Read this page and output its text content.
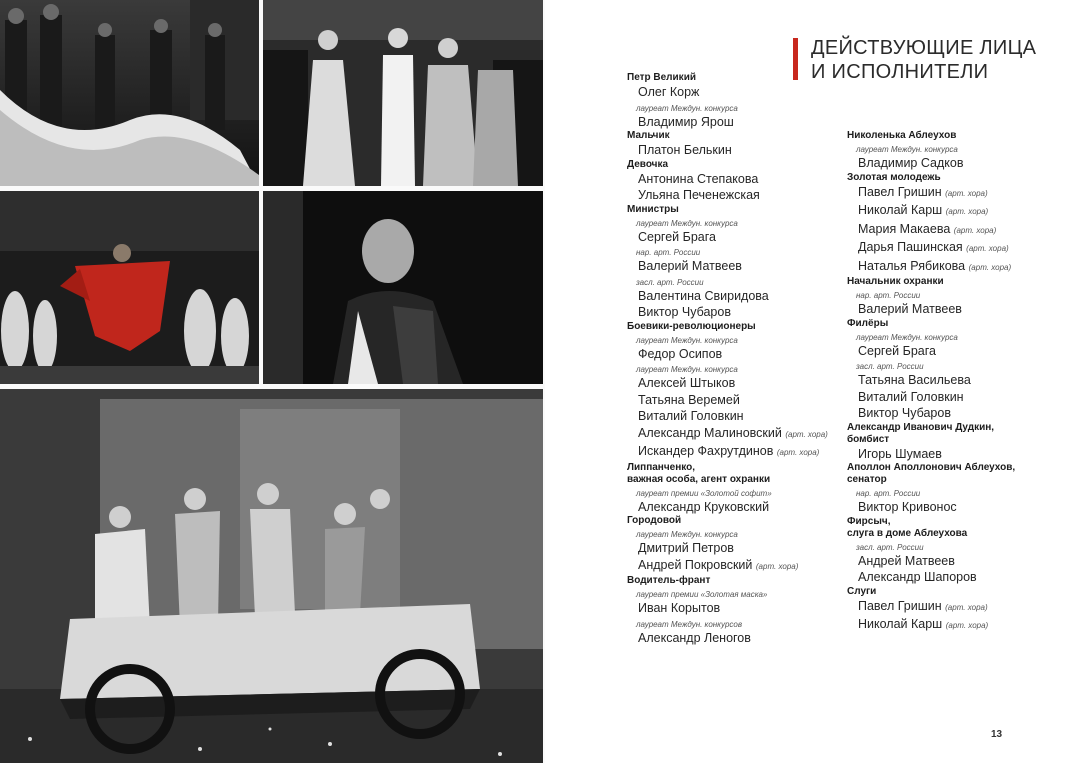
ДЕЙСТВУЮЩИЕ ЛИЦА
И ИСПОЛНИТЕЛИ
Петр Великий
Олег Корж
лауреат Междун. конкурса
Владимир Ярош
Мальчик
Платон Белькин
Девочка
Антонина Степакова
Ульяна Печенежская
Министры
лауреат Междун. конкурса
Сергей Брага
нар. арт. России
Валерий Матвеев
засл. арт. России
Валентина Свиридова
Виктор Чубаров
Боевики-революционеры
лауреат Междун. конкурса
Федор Осипов
лауреат Междун. конкурса
Алексей Штыков
Татьяна Веремей
Виталий Головкин
Александр Малиновский (арт. хора)
Искандер Фахрутдинов (арт. хора)
Липпанченко,
важная особа, агент охранки
лауреат премии «Золотой софит»
Александр Круковский
Городовой
лауреат Междун. конкурса
Дмитрий Петров
Андрей Покровский (арт. хора)
Водитель-франт
лауреат премии «Золотая маска»
Иван Корытов
лауреат Междун. конкурсов
Александр Леногов
Николенька Аблеухов
лауреат Междун. конкурса
Владимир Садков
Золотая молодежь
Павел Гришин (арт. хора)
Николай Карш (арт. хора)
Мария Макаева (арт. хора)
Дарья Пашинская (арт. хора)
Наталья Рябикова (арт. хора)
Начальник охранки
нар. арт. России
Валерий Матвеев
Филёры
лауреат Междун. конкурса
Сергей Брага
засл. арт. России
Татьяна Васильева
Виталий Головкин
Виктор Чубаров
Александр Иванович Дудкин,
бомбист
Игорь Шумаев
Аполлон Аполлонович Аблеухов,
сенатор
нар. арт. России
Виктор Кривонос
Фирсыч,
слуга в доме Аблеухова
засл. арт. России
Андрей Матвеев
Александр Шапоров
Слуги
Павел Гришин (арт. хора)
Николай Карш (арт. хора)
13
